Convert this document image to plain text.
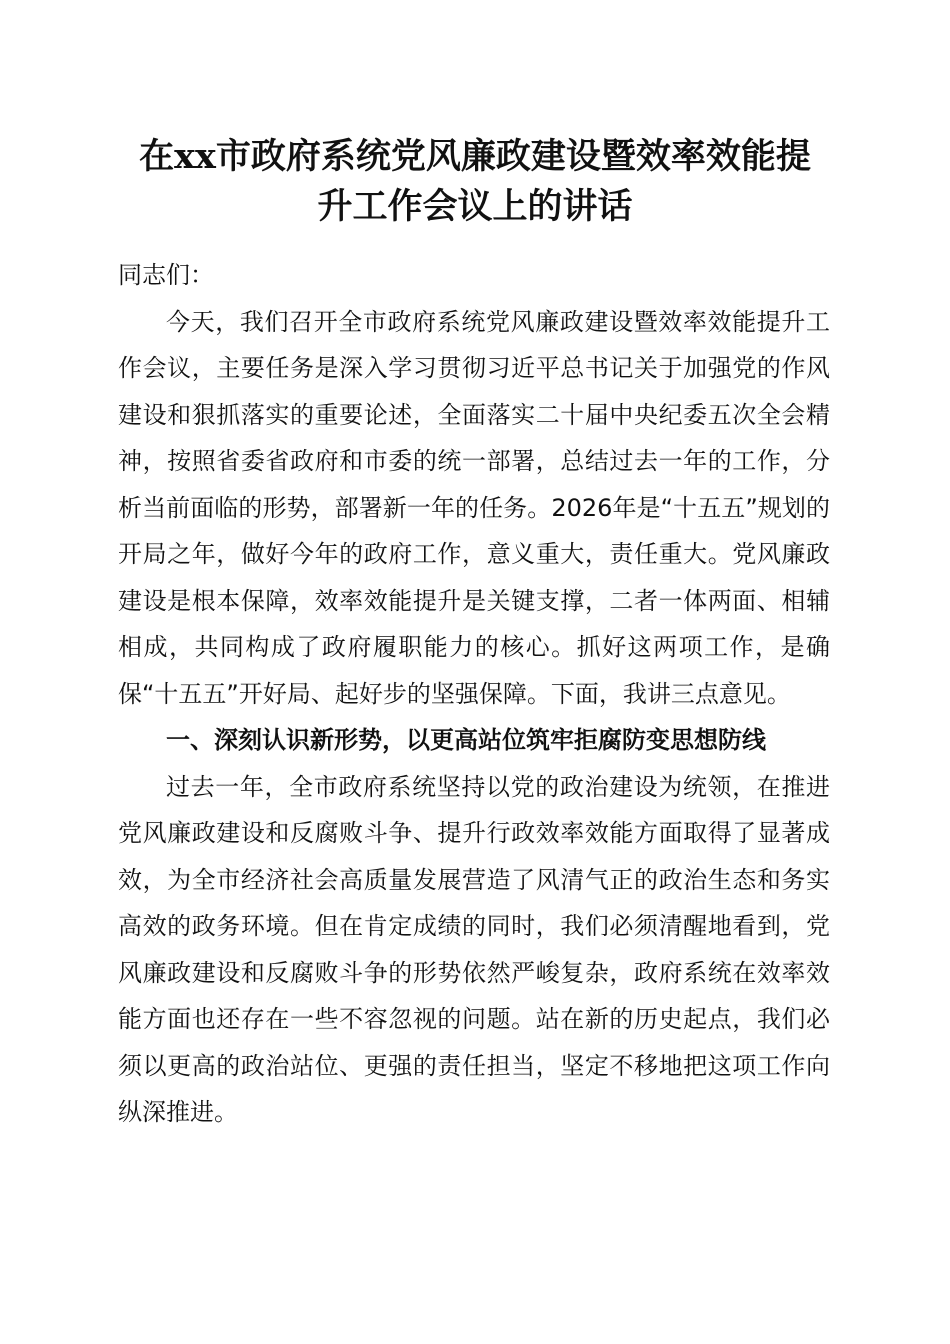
在xx市政府系统党风廉政建设暨效率效能提
升工作会议上的讲话

同志们：

今天，我们召开全市政府系统党风廉政建设暨效率效能提升工作会议，主要任务是深入学习贯彻习近平总书记关于加强党的作风建设和狠抓落实的重要论述，全面落实二十届中央纪委五次全会精神，按照省委省政府和市委的统一部署，总结过去一年的工作，分析当前面临的形势，部署新一年的任务。2026年是“十五五”规划的开局之年，做好今年的政府工作，意义重大，责任重大。党风廉政建设是根本保障，效率效能提升是关键支撑，二者一体两面、相辅相成，共同构成了政府履职能力的核心。抓好这两项工作，是确保“十五五”开好局、起好步的坚强保障。下面，我讲三点意见。

一、深刻认识新形势，以更高站位筑牢拒腐防变思想防线

过去一年，全市政府系统坚持以党的政治建设为统领，在推进党风廉政建设和反腐败斗争、提升行政效率效能方面取得了显著成效，为全市经济社会高质量发展营造了风清气正的政治生态和务实高效的政务环境。但在肯定成绩的同时，我们必须清醒地看到，党风廉政建设和反腐败斗争的形势依然严峻复杂，政府系统在效率效能方面也还存在一些不容忽视的问题。站在新的历史起点，我们必须以更高的政治站位、更强的责任担当，坚定不移地把这项工作向纵深推进。
